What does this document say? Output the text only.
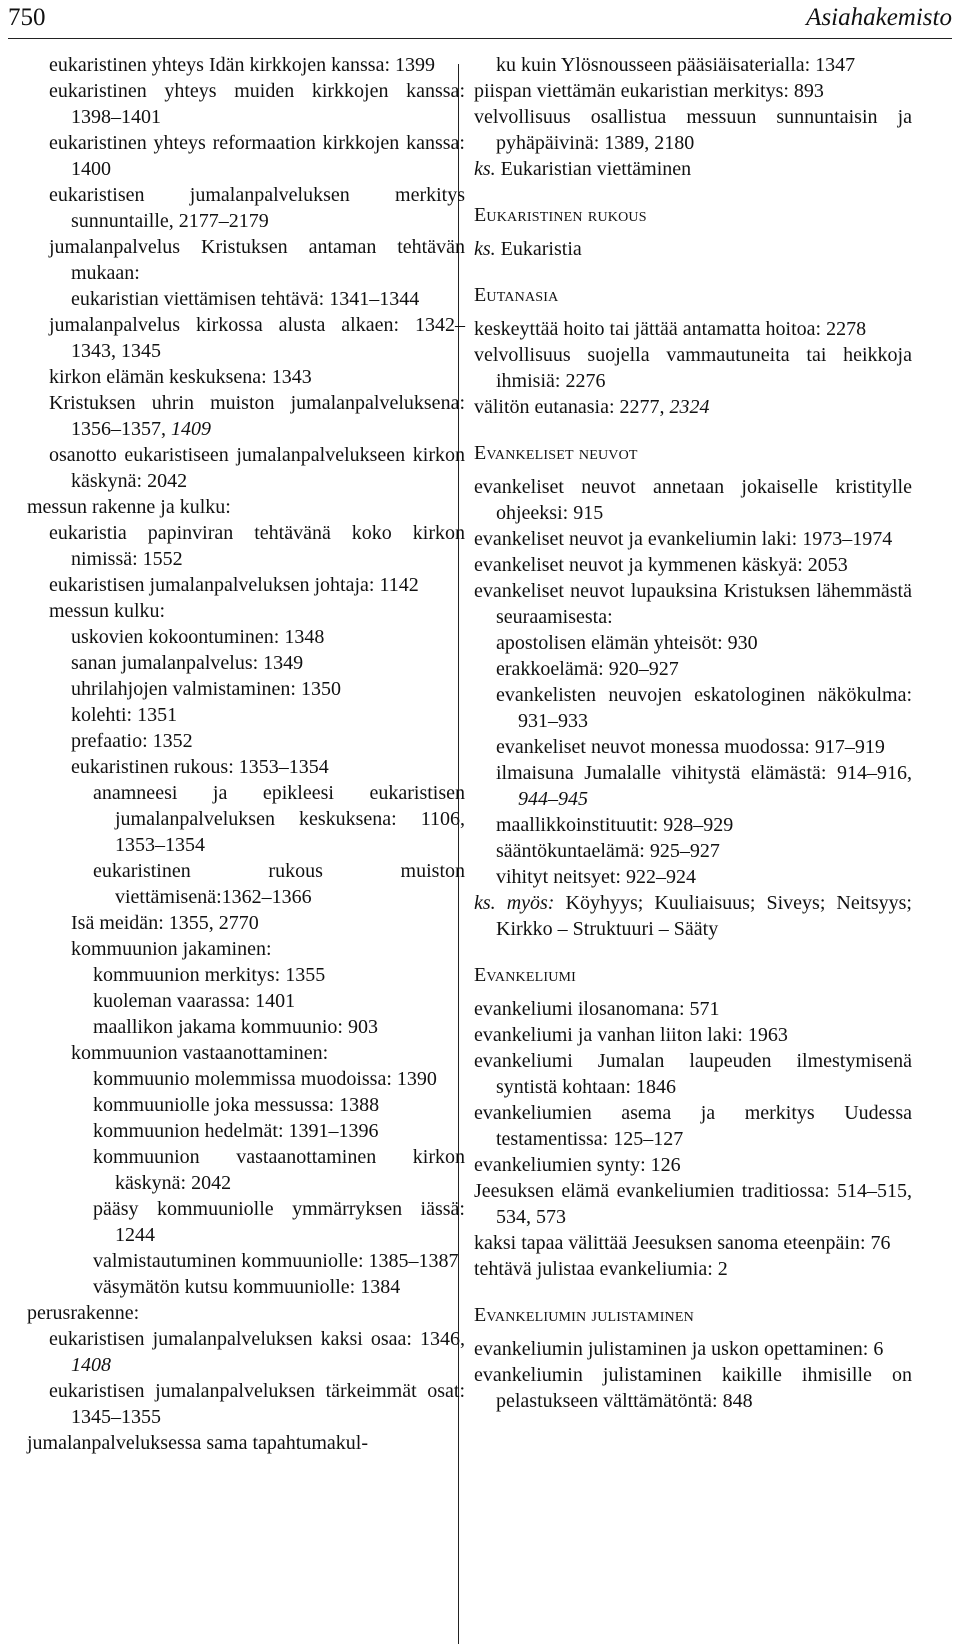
750	Asiahakemisto

eukaristinen yhteys Idän kirkkojen kanssa: 1399

eukaristinen yhteys muiden kirkkojen kanssa: 1398–1401

eukaristinen yhteys reformaation kirkkojen kanssa: 1400

eukaristisen jumalanpalveluksen merkitys sunnuntaille, 2177–2179

jumalanpalvelus Kristuksen antaman tehtävän mukaan:

eukaristian viettämisen tehtävä: 1341–1344

jumalanpalvelus kirkossa alusta alkaen: 1342–1343, 1345

kirkon elämän keskuksena: 1343

Kristuksen uhrin muiston jumalanpalveluksena: 1356–1357, 1409

osanotto eukaristiseen jumalanpalvelukseen kirkon käskynä: 2042

messun rakenne ja kulku:

eukaristia papinviran tehtävänä koko kirkon nimissä: 1552

eukaristisen jumalanpalveluksen johtaja: 1142

messun kulku:

uskovien kokoontuminen: 1348

sanan jumalanpalvelus: 1349

uhrilahjojen valmistaminen: 1350

kolehti: 1351

prefaatio: 1352

eukaristinen rukous: 1353–1354

anamneesi ja epikleesi eukaristisen jumalanpalveluksen keskuksena: 1106, 1353–1354

eukaristinen rukous muiston viettämisenä:1362–1366

Isä meidän: 1355, 2770

kommuunion jakaminen:

kommuunion merkitys: 1355

kuoleman vaarassa: 1401

maallikon jakama kommuunio: 903

kommuunion vastaanottaminen:

kommuunio molemmissa muodoissa: 1390

kommuuniolle joka messussa: 1388

kommuunion hedelmät: 1391–1396

kommuunion vastaanottaminen kirkon käskynä: 2042

pääsy kommuuniolle ymmärryksen iässä: 1244

valmistautuminen kommuuniolle: 1385–1387

väsymätön kutsu kommuuniolle: 1384

perusrakenne:

eukaristisen jumalanpalveluksen kaksi osaa: 1346, 1408

eukaristisen jumalanpalveluksen tärkeimmät osat: 1345–1355

jumalanpalveluksessa sama tapahtumakul-

ku kuin Ylösnousseen pääsiäisaterialla: 1347

piispan viettämän eukaristian merkitys: 893

velvollisuus osallistua messuun sunnuntaisin ja pyhäpäivinä: 1389, 2180

ks. Eukaristian viettäminen

Eukaristinen rukous

ks. Eukaristia

Eutanasia

keskeyttää hoito tai jättää antamatta hoitoa: 2278

velvollisuus suojella vammautuneita tai heikkoja ihmisiä: 2276

välitön eutanasia: 2277, 2324

Evankeliset neuvot

evankeliset neuvot annetaan jokaiselle kristitylle ohjeeksi: 915

evankeliset neuvot ja evankeliumin laki: 1973–1974

evankeliset neuvot ja kymmenen käskyä: 2053

evankeliset neuvot lupauksina Kristuksen lähemmästä seuraamisesta:

apostolisen elämän yhteisöt: 930

erakkoelämä: 920–927

evankelisten neuvojen eskatologinen näkökulma: 931–933

evankeliset neuvot monessa muodossa: 917–919

ilmaisuna Jumalalle vihitystä elämästä: 914–916, 944–945

maallikkoinstituutit: 928–929

sääntökuntaelämä: 925–927

vihityt neitsyet: 922–924

ks. myös: Köyhyys; Kuuliaisuus; Siveys; Neitsyys; Kirkko – Struktuuri – Sääty

Evankeliumi

evankeliumi ilosanomana: 571

evankeliumi ja vanhan liiton laki: 1963

evankeliumi Jumalan laupeuden ilmestymisenä syntistä kohtaan: 1846

evankeliumien asema ja merkitys Uudessa testamentissa: 125–127

evankeliumien synty: 126

Jeesuksen elämä evankeliumien traditiossa: 514–515, 534, 573

kaksi tapaa välittää Jeesuksen sanoma eteenpäin: 76

tehtävä julistaa evankeliumia: 2

Evankeliumin julistaminen

evankeliumin julistaminen ja uskon opettaminen: 6

evankeliumin julistaminen kaikille ihmisille on pelastukseen välttämätöntä: 848
